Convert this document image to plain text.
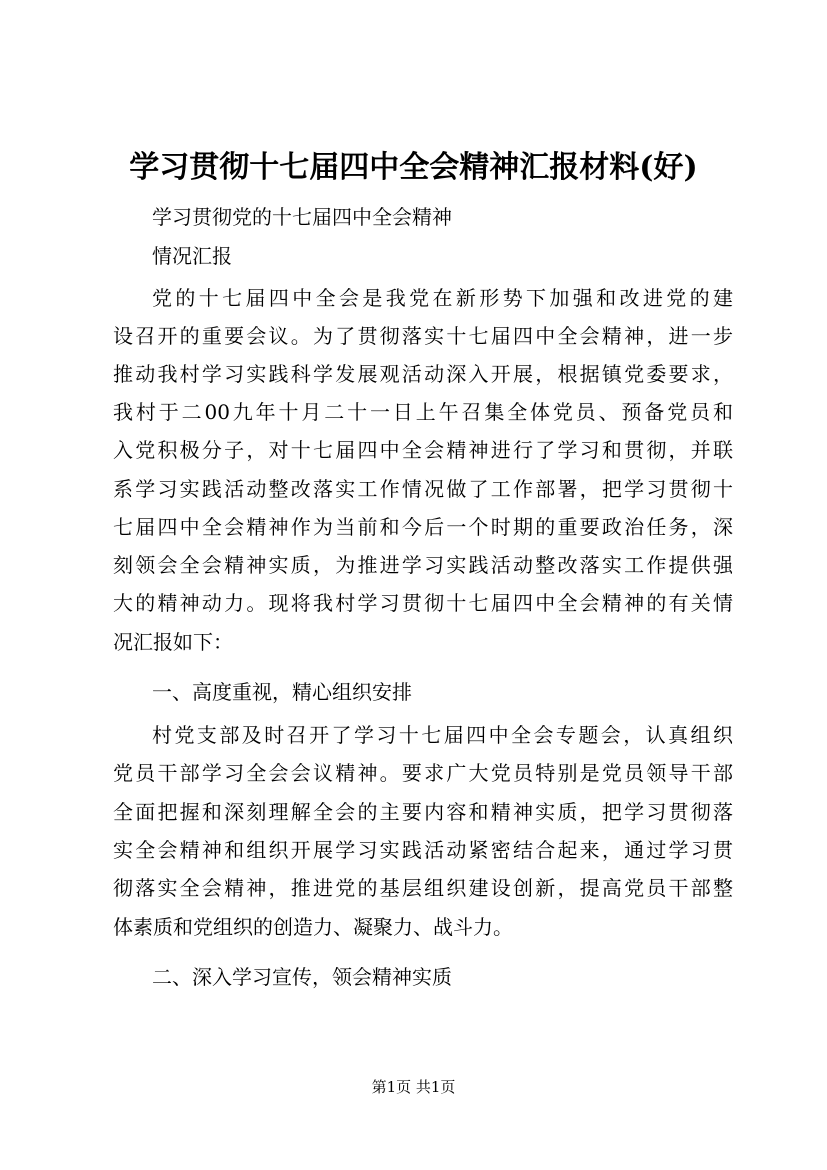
学习贯彻十七届四中全会精神汇报材料(好)
学习贯彻党的十七届四中全会精神
情况汇报
党的十七届四中全会是我党在新形势下加强和改进党的建
设召开的重要会议。为了贯彻落实十七届四中全会精神，进一步
推动我村学习实践科学发展观活动深入开展，根据镇党委要求，
我村于二00九年十月二十一日上午召集全体党员、预备党员和
入党积极分子，对十七届四中全会精神进行了学习和贯彻，并联
系学习实践活动整改落实工作情况做了工作部署，把学习贯彻十
七届四中全会精神作为当前和今后一个时期的重要政治任务，深
刻领会全会精神实质，为推进学习实践活动整改落实工作提供强
大的精神动力。现将我村学习贯彻十七届四中全会精神的有关情
况汇报如下：
一、高度重视，精心组织安排
村党支部及时召开了学习十七届四中全会专题会，认真组织
党员干部学习全会会议精神。要求广大党员特别是党员领导干部
全面把握和深刻理解全会的主要内容和精神实质，把学习贯彻落
实全会精神和组织开展学习实践活动紧密结合起来，通过学习贯
彻落实全会精神，推进党的基层组织建设创新，提高党员干部整
体素质和党组织的创造力、凝聚力、战斗力。
二、深入学习宣传，领会精神实质
第1页 共1页
